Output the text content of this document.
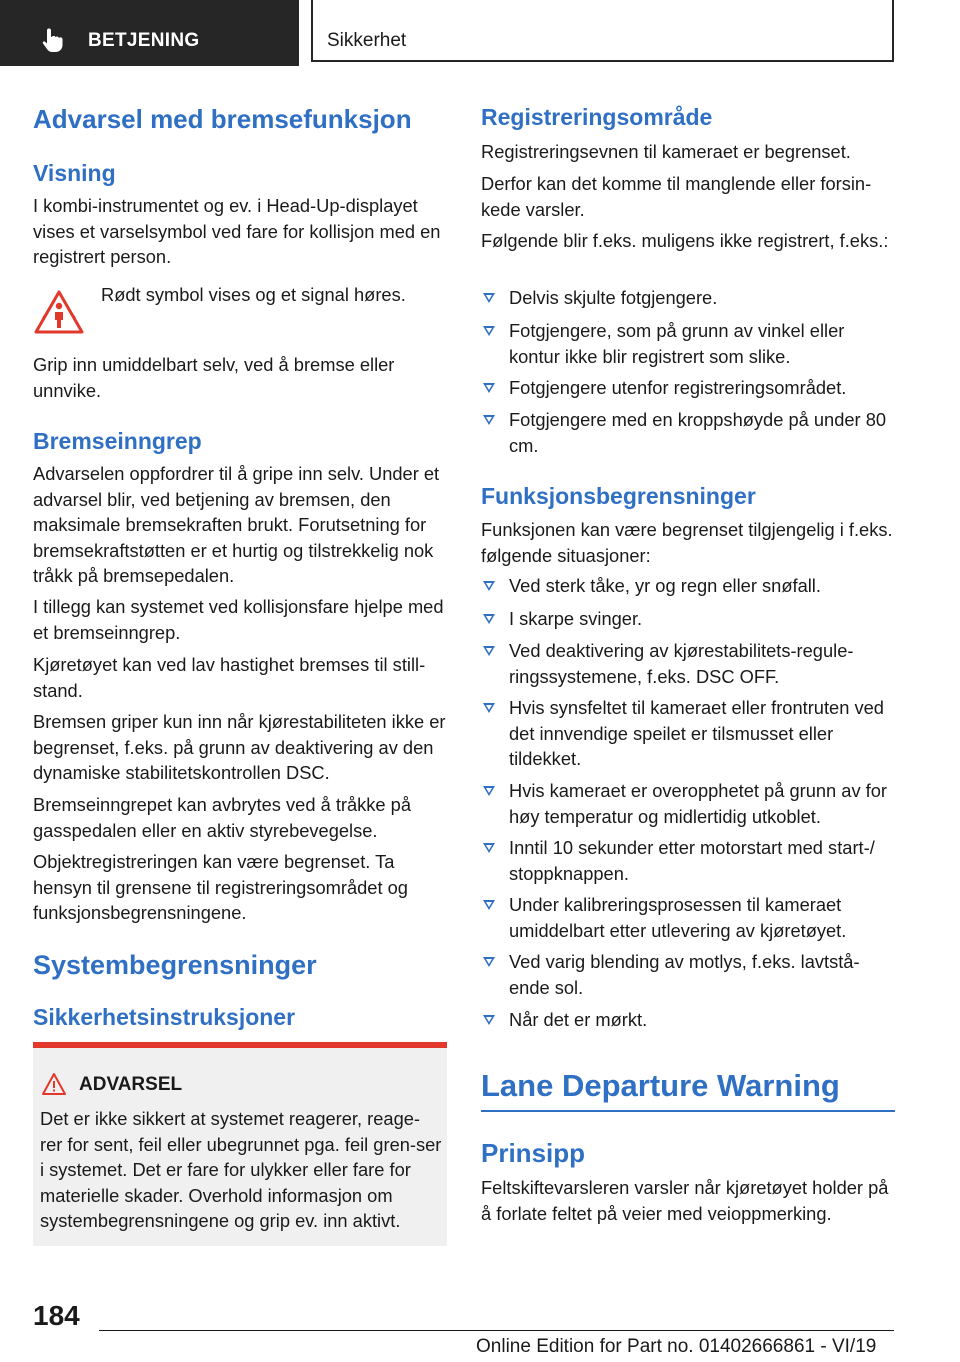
BETJENING	Sikkerhet
Advarsel med bremsefunksjon
Visning
I kombi-instrumentet og ev. i Head-Up-displayet vises et varselsymbol ved fare for kollisjon med en registrert person.
Rødt symbol vises og et signal høres.
Grip inn umiddelbart selv, ved å bremse eller unnvike.
Bremseinngrep
Advarselen oppfordrer til å gripe inn selv. Under et advarsel blir, ved betjening av bremsen, den maksimale bremsekraften brukt. Forutsetning for bremsekraftstøtten er et hurtig og tilstrekkelig nok tråkk på bremsepedalen.
I tillegg kan systemet ved kollisjonsfare hjelpe med et bremseinngrep.
Kjøretøyet kan ved lav hastighet bremses til still-stand.
Bremsen griper kun inn når kjørestabiliteten ikke er begrenset, f.eks. på grunn av deaktivering av den dynamiske stabilitetskontrollen DSC.
Bremseinngrepet kan avbrytes ved å tråkke på gasspedalen eller en aktiv styrebevegelse.
Objektregistreringen kan være begrenset. Ta hensyn til grensene til registreringsområdet og funksjonsbegrensningene.
Systembegrensninger
Sikkerhetsinstruksjoner
ADVARSEL
Det er ikke sikkert at systemet reagerer, reage-rer for sent, feil eller ubegrunnet pga. feil gren-ser i systemet. Det er fare for ulykker eller fare for materielle skader. Overhold informasjon om systembegrensningene og grip ev. inn aktivt.
Registreringsområde
Registreringsevnen til kameraet er begrenset.
Derfor kan det komme til manglende eller forsin-kede varsler.
Følgende blir f.eks. muligens ikke registrert, f.eks.:
Delvis skjulte fotgjengere.
Fotgjengere, som på grunn av vinkel eller kontur ikke blir registrert som slike.
Fotgjengere utenfor registreringsområdet.
Fotgjengere med en kroppshøyde på under 80 cm.
Funksjonsbegrensninger
Funksjonen kan være begrenset tilgjengelig i f.eks. følgende situasjoner:
Ved sterk tåke, yr og regn eller snøfall.
I skarpe svinger.
Ved deaktivering av kjørestabilitets-regule-ringssystemene, f.eks. DSC OFF.
Hvis synsfeltet til kameraet eller frontruten ved det innvendige speilet er tilsmusset eller tildekket.
Hvis kameraet er overopphetet på grunn av for høy temperatur og midlertidig utkoblet.
Inntil 10 sekunder etter motorstart med start-/ stoppknappen.
Under kalibreringsprosessen til kameraet umiddelbart etter utlevering av kjøretøyet.
Ved varig blending av motlys, f.eks. lavtstå-ende sol.
Når det er mørkt.
Lane Departure Warning
Prinsipp
Feltskiftevarsleren varsler når kjøretøyet holder på å forlate feltet på veier med veioppmerking.
184
Online Edition for Part no. 01402666861 - VI/19
